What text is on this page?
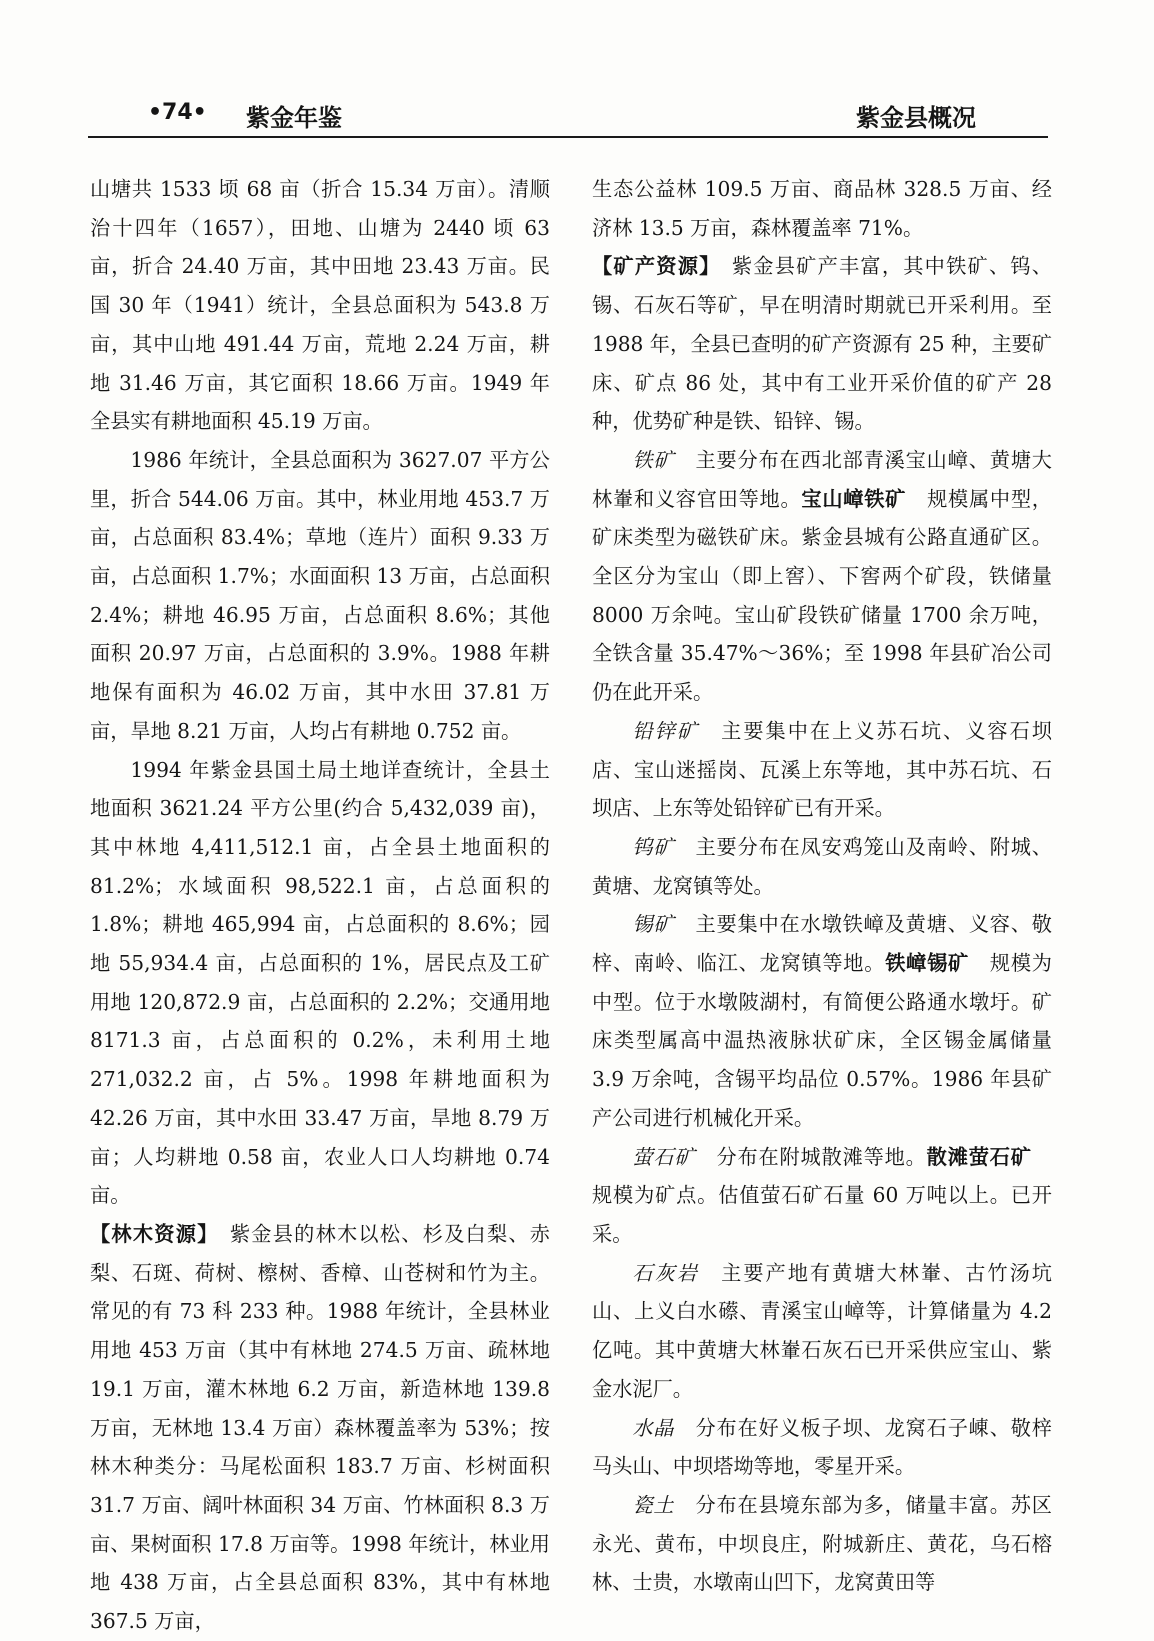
•74• 紫金年鉴	紫金县概况

山塘共 1533 顷 68 亩（折合 15.34 万亩）。清顺治十四年（1657），田地、山塘为 2440 顷 63 亩，折合 24.40 万亩，其中田地 23.43 万亩。民国 30 年（1941）统计，全县总面积为 543.8 万亩，其中山地 491.44 万亩，荒地 2.24 万亩，耕地 31.46 万亩，其它面积 18.66 万亩。1949 年全县实有耕地面积 45.19 万亩。

1986 年统计，全县总面积为 3627.07 平方公里，折合 544.06 万亩。其中，林业用地 453.7 万亩，占总面积 83.4%；草地（连片）面积 9.33 万亩，占总面积 1.7%；水面面积 13 万亩，占总面积 2.4%；耕地 46.95 万亩，占总面积 8.6%；其他面积 20.97 万亩，占总面积的 3.9%。1988 年耕地保有面积为 46.02 万亩，其中水田 37.81 万亩，旱地 8.21 万亩，人均占有耕地 0.752 亩。

1994 年紫金县国土局土地详查统计，全县土地面积 3621.24 平方公里(约合 5,432,039 亩)，其中林地 4,411,512.1 亩，占全县土地面积的 81.2%；水域面积 98,522.1 亩，占总面积的 1.8%；耕地 465,994 亩，占总面积的 8.6%；园地 55,934.4 亩，占总面积的 1%，居民点及工矿用地 120,872.9 亩，占总面积的 2.2%；交通用地 8171.3 亩，占总面积的 0.2%，未利用土地 271,032.2 亩，占 5%。1998 年耕地面积为 42.26 万亩，其中水田 33.47 万亩，旱地 8.79 万亩；人均耕地 0.58 亩，农业人口人均耕地 0.74 亩。

【林木资源】  紫金县的林木以松、杉及白梨、赤梨、石斑、荷树、檫树、香樟、山苍树和竹为主。常见的有 73 科 233 种。1988 年统计，全县林业用地 453 万亩（其中有林地 274.5 万亩、疏林地 19.1 万亩，灌木林地 6.2 万亩，新造林地 139.8 万亩，无林地 13.4 万亩）森林覆盖率为 53%；按林木种类分：马尾松面积 183.7 万亩、杉树面积 31.7 万亩、阔叶林面积 34 万亩、竹林面积 8.3 万亩、果树面积 17.8 万亩等。1998 年统计，林业用地 438 万亩，占全县总面积 83%，其中有林地 367.5 万亩，

生态公益林 109.5 万亩、商品林 328.5 万亩、经济林 13.5 万亩，森林覆盖率 71%。

【矿产资源】  紫金县矿产丰富，其中铁矿、钨、锡、石灰石等矿，早在明清时期就已开采利用。至 1988 年，全县已查明的矿产资源有 25 种，主要矿床、矿点 86 处，其中有工业开采价值的矿产 28 种，优势矿种是铁、铅锌、锡。

铁矿   主要分布在西北部青溪宝山嶂、黄塘大林輋和义容官田等地。宝山嶂铁矿   规模属中型，矿床类型为磁铁矿床。紫金县城有公路直通矿区。全区分为宝山（即上窖）、下窖两个矿段，铁储量 8000 万余吨。宝山矿段铁矿储量 1700 余万吨，全铁含量 35.47%～36%；至 1998 年县矿冶公司仍在此开采。

铅锌矿   主要集中在上义苏石坑、义容石坝店、宝山迷摇岗、瓦溪上东等地，其中苏石坑、石坝店、上东等处铅锌矿已有开采。

钨矿   主要分布在凤安鸡笼山及南岭、附城、黄塘、龙窝镇等处。

锡矿   主要集中在水墩铁嶂及黄塘、义容、敬梓、南岭、临江、龙窝镇等地。铁嶂锡矿   规模为中型。位于水墩陂湖村，有简便公路通水墩圩。矿床类型属高中温热液脉状矿床，全区锡金属储量 3.9 万余吨，含锡平均品位 0.57%。1986 年县矿产公司进行机械化开采。

萤石矿   分布在附城散滩等地。散滩萤石矿  规模为矿点。估值萤石矿石量 60 万吨以上。已开采。

石灰岩   主要产地有黄塘大林輋、古竹汤坑山、上义白水礤、青溪宝山嶂等，计算储量为 4.2 亿吨。其中黄塘大林輋石灰石已开采供应宝山、紫金水泥厂。

水晶   分布在好义板子坝、龙窝石子崠、敬梓马头山、中坝塔坳等地，零星开采。

瓷土   分布在县境东部为多，储量丰富。苏区永光、黄布，中坝良庄，附城新庄、黄花，乌石榕林、士贵，水墩南山凹下，龙窝黄田等
